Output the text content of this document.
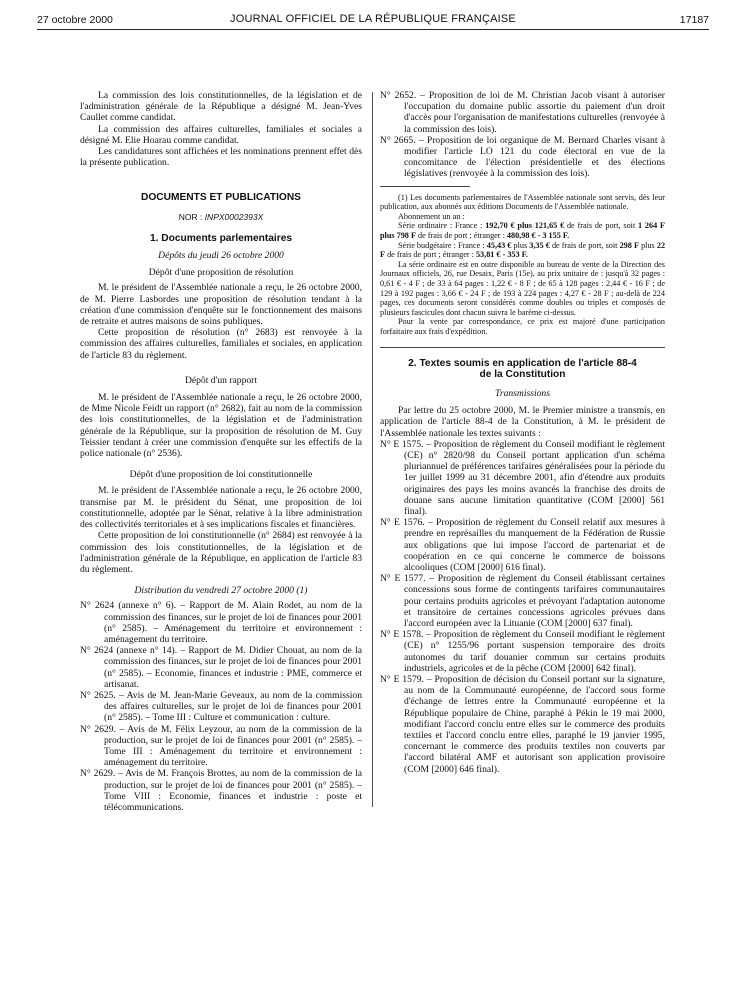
27 octobre 2000	JOURNAL OFFICIEL DE LA RÉPUBLIQUE FRANÇAISE	17187

La commission des lois constitutionnelles, de la législation et de l'administration générale de la République a désigné M. Jean-Yves Caullet comme candidat.

La commission des affaires culturelles, familiales et sociales a désigné M. Elie Hoarau comme candidat.

Les candidatures sont affichées et les nominations prennent effet dès la présente publication.

DOCUMENTS ET PUBLICATIONS

NOR : INPX0002393X

1. Documents parlementaires

Dépôts du jeudi 26 octobre 2000

Dépôt d'une proposition de résolution

M. le président de l'Assemblée nationale a reçu, le 26 octobre 2000, de M. Pierre Lasbordes une proposition de résolution tendant à la création d'une commission d'enquête sur le fonctionnement des maisons de retraite et autres maisons de soins publiques.

Cette proposition de résolution (n° 2683) est renvoyée à la commission des affaires culturelles, familiales et sociales, en application de l'article 83 du règlement.

Dépôt d'un rapport

M. le président de l'Assemblée nationale a reçu, le 26 octobre 2000, de Mme Nicole Feidt un rapport (n° 2682), fait au nom de la commission des lois constitutionnelles, de la législation et de l'administration générale de la République, sur la proposition de résolution de M. Guy Teissier tendant à créer une commission d'enquête sur les effectifs de la police nationale (n° 2536).

Dépôt d'une proposition de loi constitutionnelle

M. le président de l'Assemblée nationale a reçu, le 26 octobre 2000, transmise par M. le président du Sénat, une proposition de loi constitutionnelle, adoptée par le Sénat, relative à la libre administration des collectivités territoriales et à ses implications fiscales et financières.

Cette proposition de loi constitutionnelle (n° 2684) est renvoyée à la commission des lois constitutionnelles, de la législation et de l'administration générale de la République, en application de l'article 83 du règlement.

Distribution du vendredi 27 octobre 2000 (1)

N° 2624 (annexe n° 6). – Rapport de M. Alain Rodet, au nom de la commission des finances, sur le projet de loi de finances pour 2001 (n° 2585). – Aménagement du territoire et environnement : aménagement du territoire.

N° 2624 (annexe n° 14). – Rapport de M. Didier Chouat, au nom de la commission des finances, sur le projet de loi de finances pour 2001 (n° 2585). – Economie, finances et industrie : PME, commerce et artisanat.

N° 2625. – Avis de M. Jean-Marie Geveaux, au nom de la commission des affaires culturelles, sur le projet de loi de finances pour 2001 (n° 2585). – Tome III : Culture et communication : culture.

N° 2629. – Avis de M. Félix Leyzour, au nom de la commission de la production, sur le projet de loi de finances pour 2001 (n° 2585). – Tome III : Aménagement du territoire et environnement : aménagement du territoire.

N° 2629. – Avis de M. François Brottes, au nom de la commission de la production, sur le projet de loi de finances pour 2001 (n° 2585). – Tome VIII : Economie, finances et industrie : poste et télécommunications.

N° 2652. – Proposition de loi de M. Christian Jacob visant à autoriser l'occupation du domaine public assortie du paiement d'un droit d'accès pour l'organisation de manifestations culturelles (renvoyée à la commission des lois).

N° 2665. – Proposition de loi organique de M. Bernard Charles visant à modifier l'article LO 121 du code électoral en vue de la concomitance de l'élection présidentielle et des élections législatives (renvoyée à la commission des lois).

(1) Les documents parlementaires de l'Assemblée nationale sont servis, dès leur publication, aux abonnés aux éditions Documents de l'Assemblée nationale.

Abonnement un an :

Série ordinaire : France : 192,70 € plus 121,65 € de frais de port, soit 1 264 F plus 798 F de frais de port ; étranger : 480,98 € - 3 155 F.

Série budgétaire : France : 45,43 € plus 3,35 € de frais de port, soit 298 F plus 22 F de frais de port ; étranger : 53,81 € - 353 F.

La série ordinaire est en outre disponible au bureau de vente de la Direction des Journaux officiels, 26, rue Desaix, Paris (15e), au prix unitaire de : jusqu'à 32 pages : 0,61 € - 4 F ; de 33 à 64 pages : 1,22 € - 8 F ; de 65 à 128 pages : 2,44 € - 16 F ; de 129 à 192 pages : 3,66 € - 24 F ; de 193 à 224 pages : 4,27 € - 28 F ; au-delà de 224 pages, ces documents seront considérés comme doubles ou triples et composés de plusieurs fascicules dont chacun suivra le barème ci-dessus.

Pour la vente par correspondance, ce prix est majoré d'une participation forfaitaire aux frais d'expédition.

2. Textes soumis en application de l'article 88-4

de la Constitution

Transmissions

Par lettre du 25 octobre 2000, M. le Premier ministre a transmis, en application de l'article 88-4 de la Constitution, à M. le président de l'Assemblée nationale les textes suivants :

N° E 1575. – Proposition de règlement du Conseil modifiant le règlement (CE) n° 2820/98 du Conseil portant application d'un schéma pluriannuel de préférences tarifaires généralisées pour la période du 1er juillet 1999 au 31 décembre 2001, afin d'étendre aux produits originaires des pays les moins avancés la franchise des droits de douane sans aucune limitation quantitative (COM [2000] 561 final).

N° E 1576. – Proposition de règlement du Conseil relatif aux mesures à prendre en représailles du manquement de la Fédération de Russie aux obligations que lui impose l'accord de partenariat et de coopération en ce qui concerne le commerce de boissons alcooliques (COM [2000] 616 final).

N° E 1577. – Proposition de règlement du Conseil établissant certaines concessions sous forme de contingents tarifaires communautaires pour certains produits agricoles et prévoyant l'adaptation autonome et transitoire de certaines concessions agricoles prévues dans l'accord européen avec la Lituanie (COM [2000] 637 final).

N° E 1578. – Proposition de règlement du Conseil modifiant le règlement (CE) n° 1255/96 portant suspension temporaire des droits autonomes du tarif douanier commun sur certains produits industriels, agricoles et de la pêche (COM [2000] 642 final).

N° E 1579. – Proposition de décision du Conseil portant sur la signature, au nom de la Communauté européenne, de l'accord sous forme d'échange de lettres entre la Communauté européenne et la République populaire de Chine, paraphé à Pékin le 19 mai 2000, modifiant l'accord conclu entre elles sur le commerce des produits textiles et l'accord conclu entre elles, paraphé le 19 janvier 1995, concernant le commerce des produits textiles non couverts par l'accord bilatéral AMF et autorisant son application provisoire (COM [2000] 646 final).
